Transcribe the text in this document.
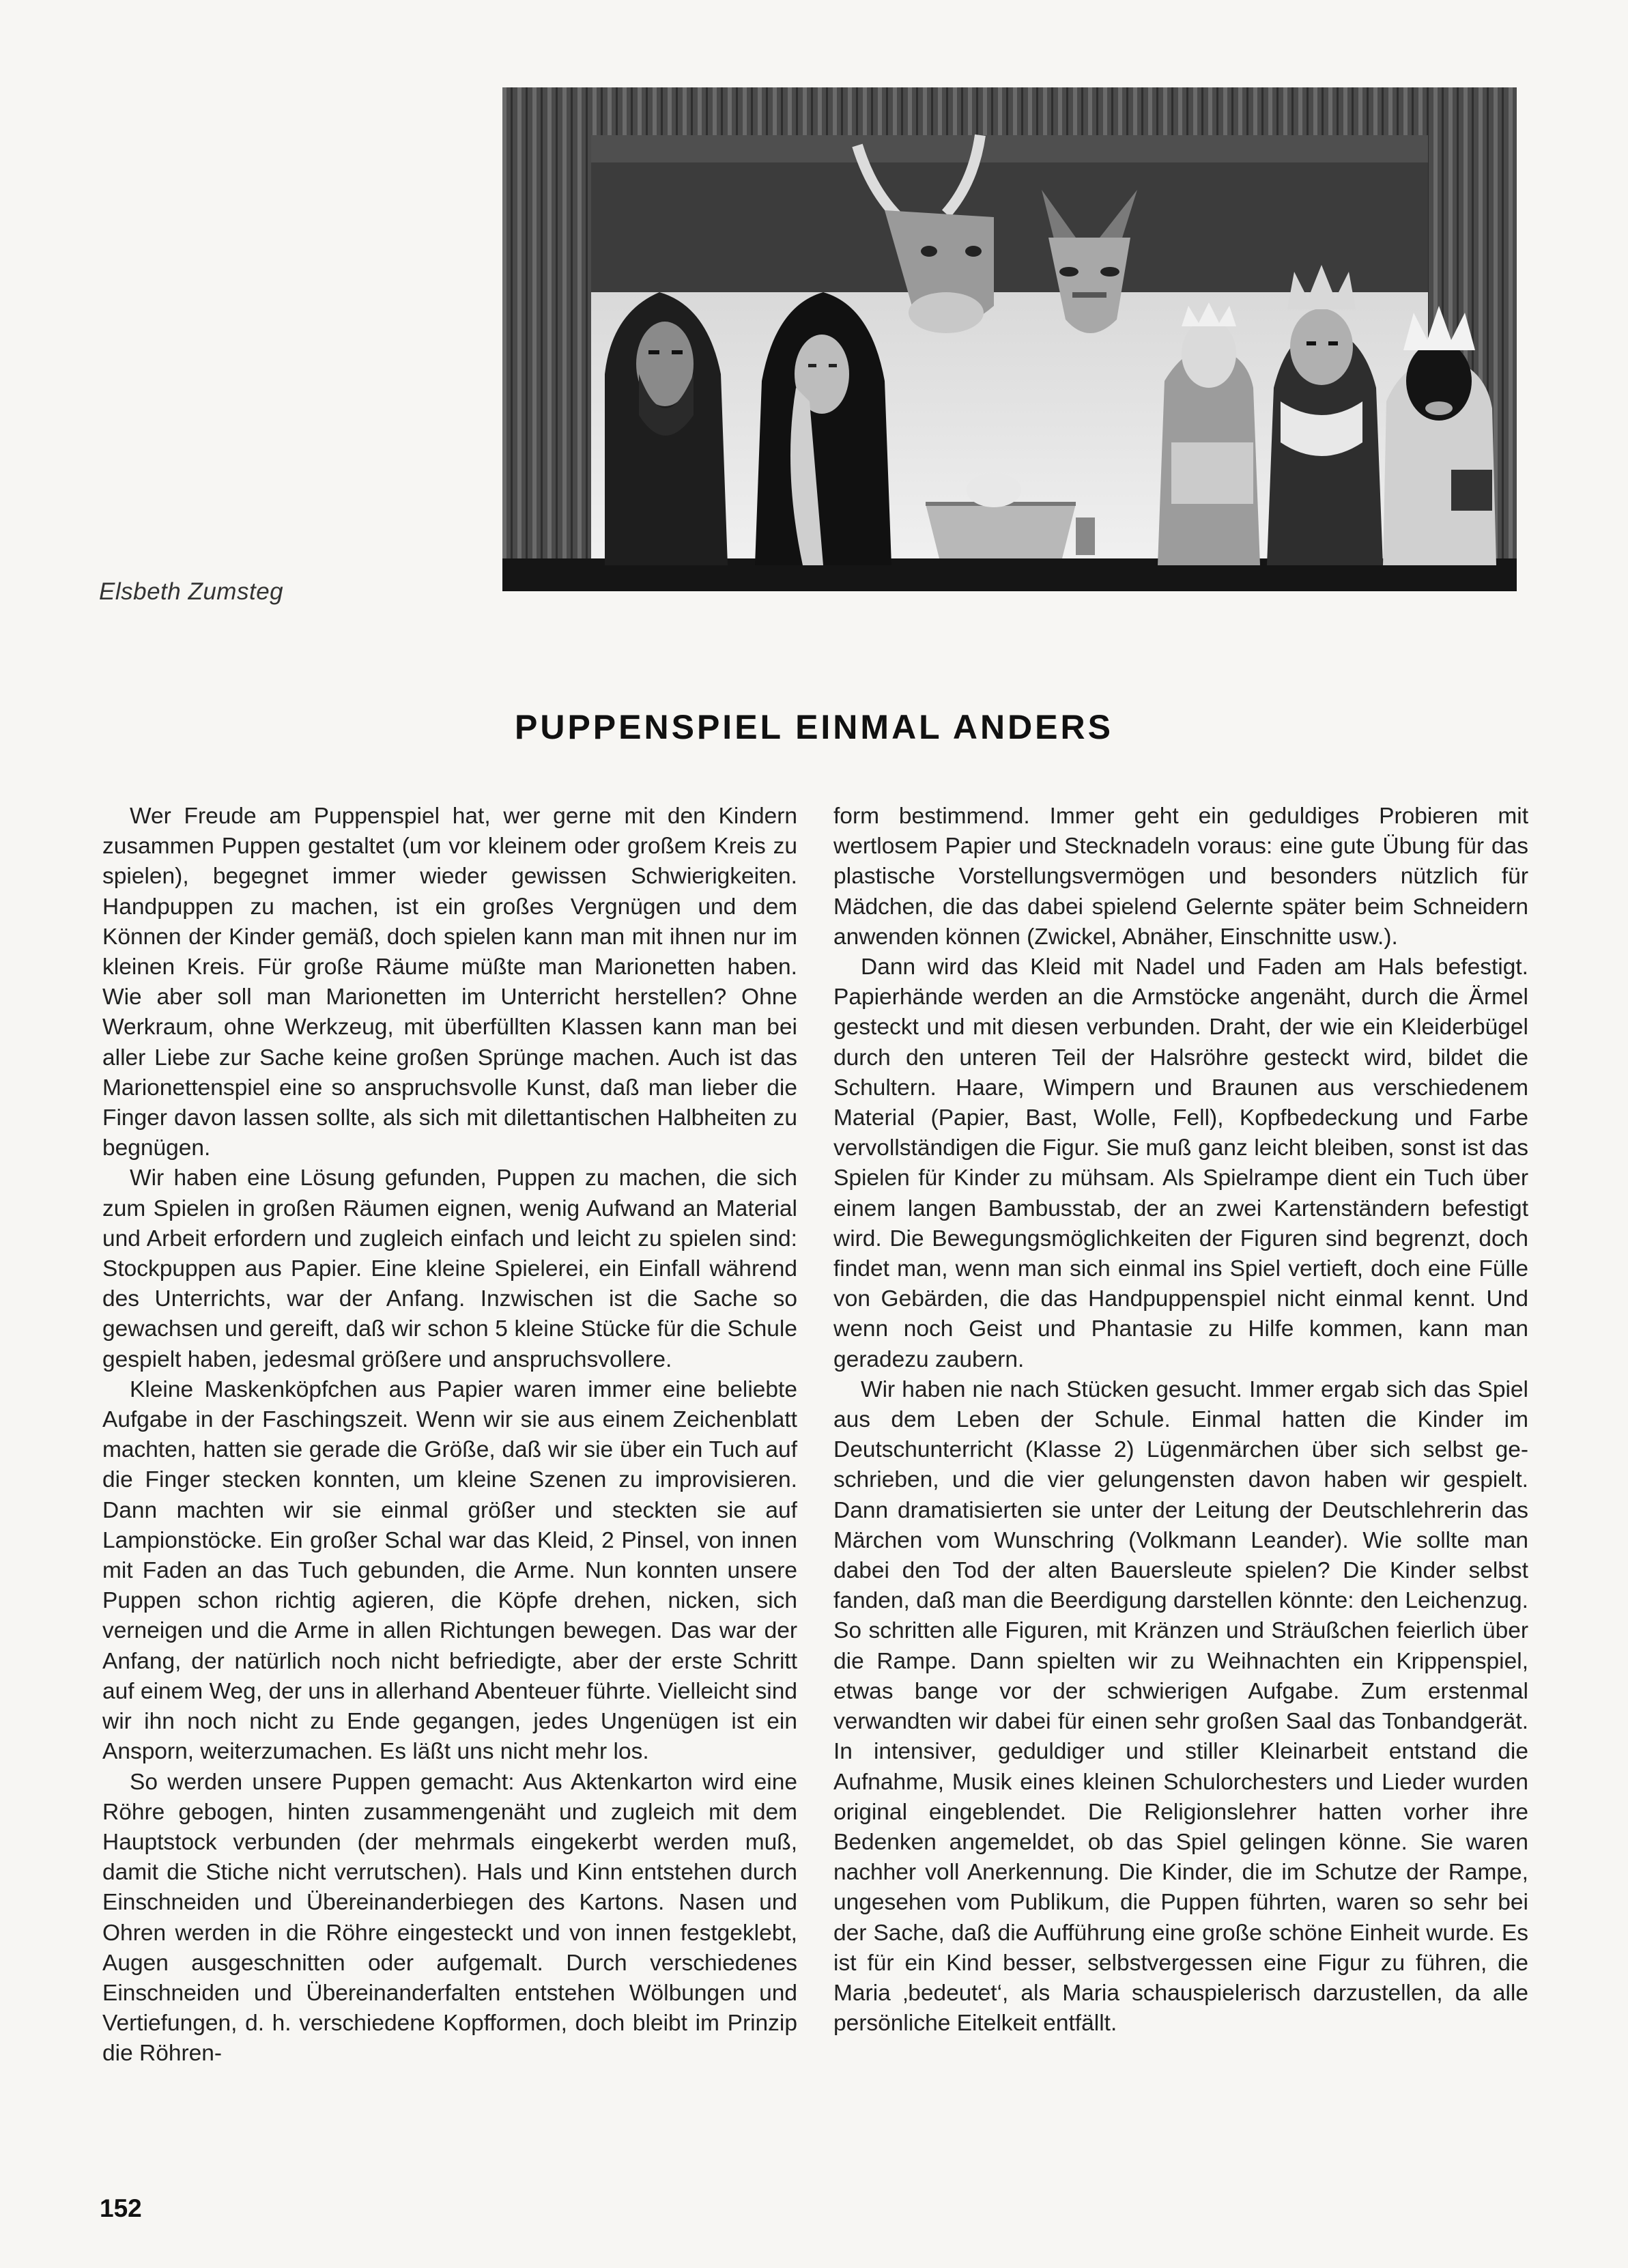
Elsbeth Zumsteg
PUPPENSPIEL EINMAL ANDERS

Wer Freude am Puppenspiel hat, wer gerne mit den Kindern zusammen Puppen gestaltet (um vor kleinem oder großem Kreis zu spielen), begegnet immer wieder gewissen Schwierigkeiten. Handpuppen zu machen, ist ein großes Vergnügen und dem Können der Kinder gemäß, doch spielen kann man mit ihnen nur im kleinen Kreis. Für große Räume müßte man Marionetten haben. Wie aber soll man Marionetten im Unterricht herstellen? Ohne Werkraum, ohne Werkzeug, mit überfüllten Klassen kann man bei aller Liebe zur Sache keine großen Sprünge machen. Auch ist das Marionettenspiel eine so anspruchsvolle Kunst, daß man lieber die Finger davon lassen sollte, als sich mit dilettantischen Halbheiten zu begnügen.

Wir haben eine Lösung gefunden, Puppen zu machen, die sich zum Spielen in großen Räumen eignen, wenig Aufwand an Material und Arbeit erfordern und zugleich einfach und leicht zu spielen sind: Stockpuppen aus Papier. Eine kleine Spielerei, ein Einfall während des Unterrichts, war der Anfang. Inzwischen ist die Sache so gewachsen und gereift, daß wir schon 5 kleine Stücke für die Schule gespielt haben, jedesmal größere und anspruchsvollere.

Kleine Maskenköpfchen aus Papier waren immer eine beliebte Aufgabe in der Faschingszeit. Wenn wir sie aus einem Zeichenblatt machten, hatten sie gerade die Größe, daß wir sie über ein Tuch auf die Finger stecken konnten, um kleine Szenen zu improvisieren. Dann machten wir sie einmal größer und steckten sie auf Lampionstöcke. Ein großer Schal war das Kleid, 2 Pinsel, von innen mit Faden an das Tuch gebunden, die Arme. Nun konnten unsere Puppen schon richtig agieren, die Köpfe drehen, nicken, sich verneigen und die Arme in allen Richtungen bewegen. Das war der Anfang, der natürlich noch nicht befriedigte, aber der erste Schritt auf einem Weg, der uns in allerhand Abenteuer führte. Vielleicht sind wir ihn noch nicht zu Ende gegangen, jedes Ungenügen ist ein Ansporn, weiterzumachen. Es läßt uns nicht mehr los.

So werden unsere Puppen gemacht: Aus Aktenkarton wird eine Röhre gebogen, hinten zusammengenäht und zugleich mit dem Hauptstock verbunden (der mehrmals eingekerbt werden muß, damit die Stiche nicht verrutschen). Hals und Kinn entstehen durch Einschneiden und Übereinanderbiegen des Kartons. Nasen und Ohren werden in die Röhre eingesteckt und von innen festgeklebt, Augen ausgeschnitten oder aufgemalt. Durch verschiedenes Einschneiden und Übereinanderfalten entstehen Wölbungen und Vertiefungen, d. h. verschiedene Kopfformen, doch bleibt im Prinzip die Röhren-

form bestimmend. Immer geht ein geduldiges Probieren mit wertlosem Papier und Stecknadeln voraus: eine gute Übung für das plastische Vorstellungsvermögen und besonders nützlich für Mädchen, die das dabei spielend Gelernte später beim Schneidern anwenden können (Zwickel, Abnäher, Einschnitte usw.).

Dann wird das Kleid mit Nadel und Faden am Hals befestigt. Papierhände werden an die Armstöcke angenäht, durch die Ärmel gesteckt und mit diesen verbunden. Draht, der wie ein Kleiderbügel durch den unteren Teil der Halsröhre gesteckt wird, bildet die Schultern. Haare, Wimpern und Braunen aus verschiedenem Material (Papier, Bast, Wolle, Fell), Kopfbedeckung und Farbe vervollständigen die Figur. Sie muß ganz leicht bleiben, sonst ist das Spielen für Kinder zu mühsam. Als Spielrampe dient ein Tuch über einem langen Bambusstab, der an zwei Kartenständern befestigt wird. Die Bewegungsmöglichkeiten der Figuren sind begrenzt, doch findet man, wenn man sich einmal ins Spiel vertieft, doch eine Fülle von Gebärden, die das Handpuppenspiel nicht einmal kennt. Und wenn noch Geist und Phantasie zu Hilfe kommen, kann man geradezu zaubern.

Wir haben nie nach Stücken gesucht. Immer ergab sich das Spiel aus dem Leben der Schule. Einmal hatten die Kinder im Deutschunterricht (Klasse 2) Lügenmärchen über sich selbst geschrieben, und die vier gelungensten davon haben wir gespielt. Dann dramatisierten sie unter der Leitung der Deutschlehrerin das Märchen vom Wunschring (Volkmann Leander). Wie sollte man dabei den Tod der alten Bauersleute spielen? Die Kinder selbst fanden, daß man die Beerdigung darstellen könnte: den Leichenzug. So schritten alle Figuren, mit Kränzen und Sträußchen feierlich über die Rampe. Dann spielten wir zu Weihnachten ein Krippenspiel, etwas bange vor der schwierigen Aufgabe. Zum erstenmal verwandten wir dabei für einen sehr großen Saal das Tonbandgerät. In intensiver, geduldiger und stiller Kleinarbeit entstand die Aufnahme, Musik eines kleinen Schulorchesters und Lieder wurden original eingeblendet. Die Religionslehrer hatten vorher ihre Bedenken angemeldet, ob das Spiel gelingen könne. Sie waren nachher voll Anerkennung. Die Kinder, die im Schutze der Rampe, ungesehen vom Publikum, die Puppen führten, waren so sehr bei der Sache, daß die Aufführung eine große schöne Einheit wurde. Es ist für ein Kind besser, selbstvergessen eine Figur zu führen, die Maria ‚bedeutet‘, als Maria schauspielerisch darzustellen, da alle persönliche Eitelkeit entfällt.

152
